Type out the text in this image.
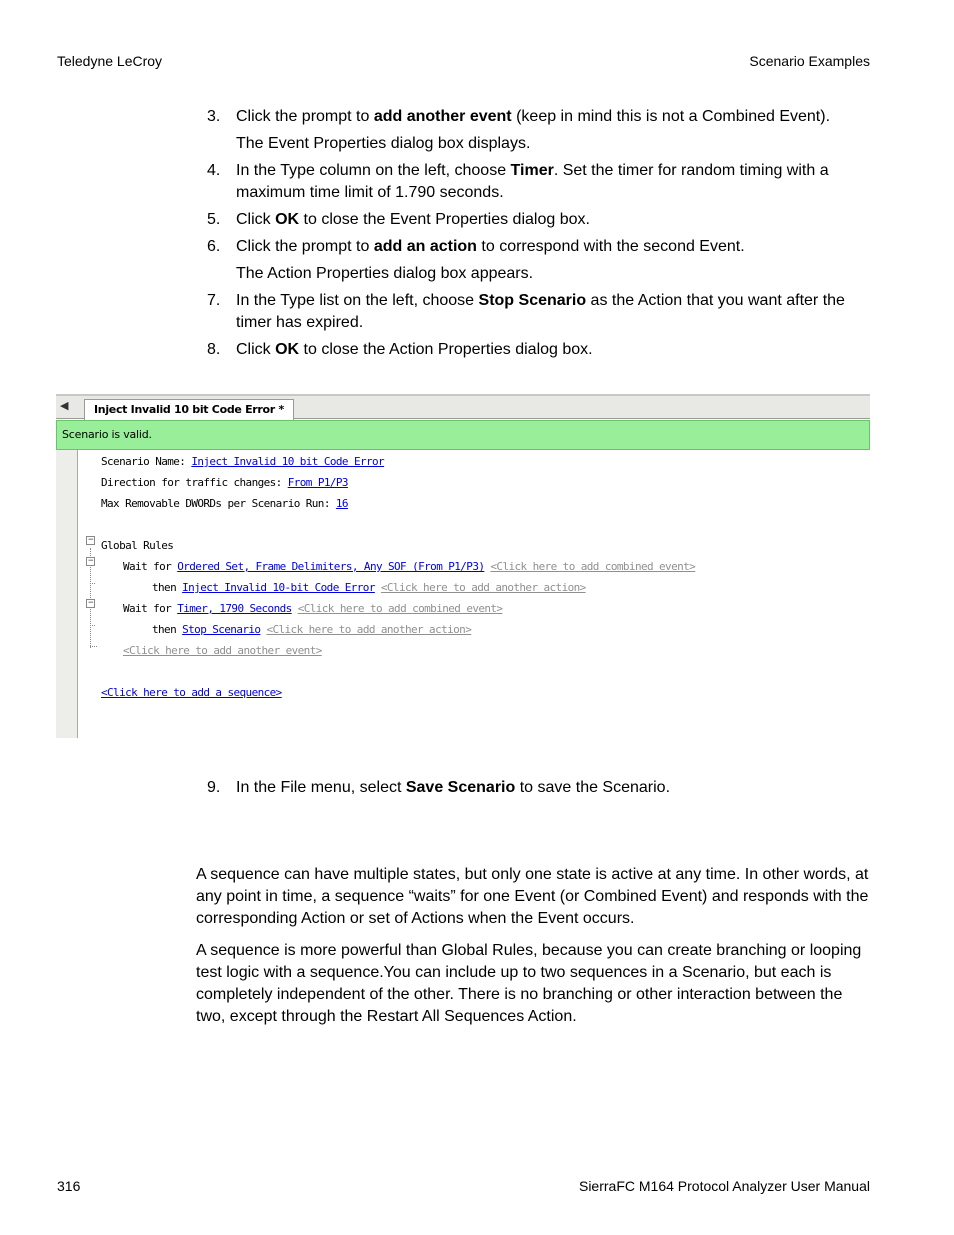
Teledyne LeCroy	Scenario Examples
3. Click the prompt to add another event (keep in mind this is not a Combined Event).
The Event Properties dialog box displays.
4. In the Type column on the left, choose Timer. Set the timer for random timing with a maximum time limit of 1.790 seconds.
5. Click OK to close the Event Properties dialog box.
6. Click the prompt to add an action to correspond with the second Event.
The Action Properties dialog box appears.
7. In the Type list on the left, choose Stop Scenario as the Action that you want after the timer has expired.
8. Click OK to close the Action Properties dialog box.
◀	Inject Invalid 10 bit Code Error *
Scenario is valid.
Scenario Name: Inject Invalid 10 bit Code Error
Direction for traffic changes: From P1/P3
Max Removable DWORDs per Scenario Run: 16
−
−
−
Global Rules
Wait for Ordered Set, Frame Delimiters, Any SOF (From P1/P3) <Click here to add combined event>
then Inject Invalid 10-bit Code Error <Click here to add another action>
Wait for Timer, 1790 Seconds <Click here to add combined event>
then Stop Scenario <Click here to add another action>
<Click here to add another event>
<Click here to add a sequence>
9. In the File menu, select Save Scenario to save the Scenario.
A sequence can have multiple states, but only one state is active at any time. In other words, at any point in time, a sequence “waits” for one Event (or Combined Event) and responds with the corresponding Action or set of Actions when the Event occurs.
A sequence is more powerful than Global Rules, because you can create branching or looping test logic with a sequence.You can include up to two sequences in a Scenario, but each is completely independent of the other. There is no branching or other interaction between the two, except through the Restart All Sequences Action.
316	SierraFC M164 Protocol Analyzer User Manual
